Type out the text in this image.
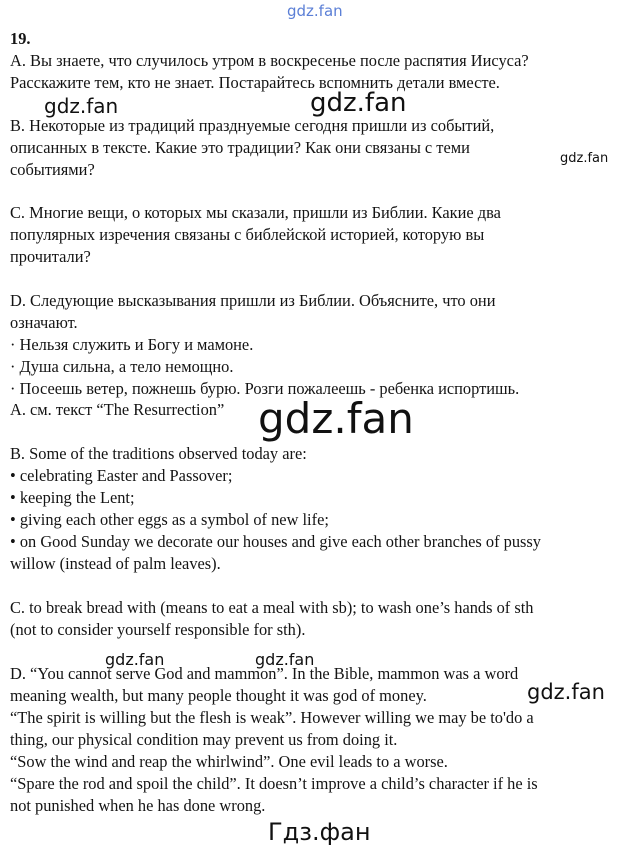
19.
A. Вы знаете, что случилось утром в воскресенье после распятия Иисуса?
Расскажите тем, кто не знает. Постарайтесь вспомнить детали вместе.
B. Некоторые из традиций празднуемые сегодня пришли из событий,
описанных в тексте. Какие это традиции? Как они связаны с теми
событиями?
C. Многие вещи, о которых мы сказали, пришли из Библии. Какие два
популярных изречения связаны с библейской историей, которую вы
прочитали?
D. Следующие высказывания пришли из Библии. Объясните, что они
означают.
· Нельзя служить и Богу и мамоне.
· Душа сильна, а тело немощно.
· Посеешь ветер, пожнешь бурю. Розги пожалеешь - ребенка испортишь.
A. см. текст “The Resurrection”
B. Some of the traditions observed today are:
• celebrating Easter and Passover;
• keeping the Lent;
• giving each other eggs as a symbol of new life;
• on Good Sunday we decorate our houses and give each other branches of pussy
willow (instead of palm leaves).
C. to break bread with (means to eat a meal with sb); to wash one’s hands of sth
(not to consider yourself responsible for sth).
D. “You cannot serve God and mammon”. In the Bible, mammon was a word
meaning wealth, but many people thought it was god of money.
“The spirit is willing but the flesh is weak”. However willing we may be to'do a
thing, our physical condition may prevent us from doing it.
“Sow the wind and reap the whirlwind”. One evil leads to a worse.
“Spare the rod and spoil the child”. It doesn’t improve a child’s character if he is
not punished when he has done wrong.
gdz.fan
gdz.fan	gdz.fan
gdz.fan
gdz.fan
gdz.fan	gdz.fan
gdz.fan
Гдз.фан
